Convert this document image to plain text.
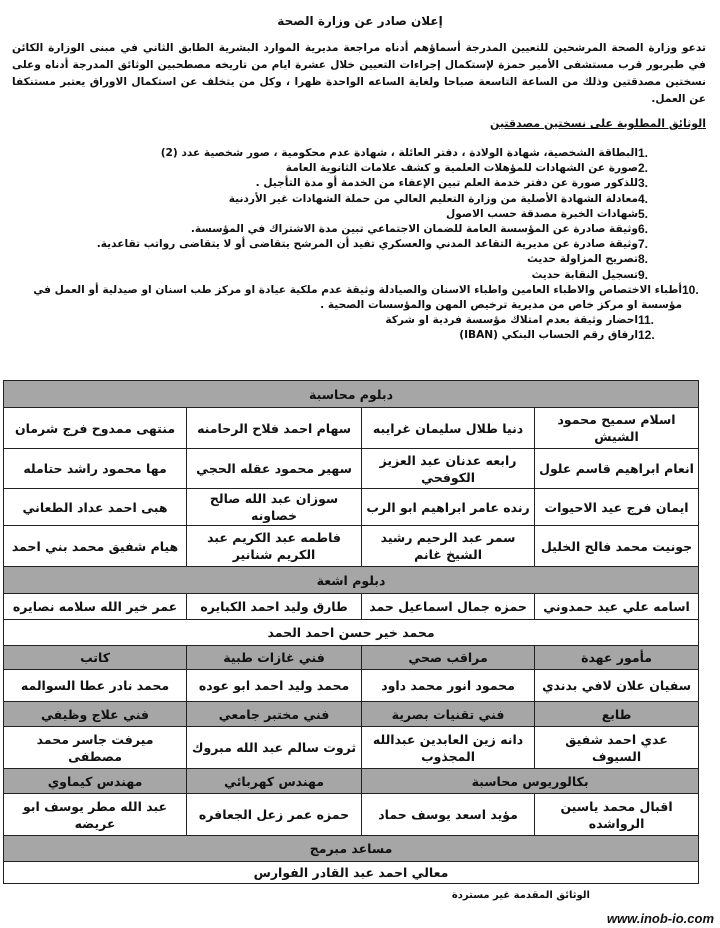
إعلان صادر عن وزارة الصحة
تدعو وزارة الصحة المرشحين للتعيين المدرجة أسماؤهم أدناه مراجعة مديرية الموارد البشرية الطابق الثاني في مبنى الوزارة الكائن في طبربور قرب مستشفى الأمير حمزة لإستكمال إجراءات التعيين خلال عشرة ايام من تاريخه مصطحبين الوثائق المدرجة أدناه وعلى نسختين مصدقتين وذلك من الساعة التاسعة صباحا ولغاية الساعه الواحدة ظهرا ، وكل من يتخلف عن استكمال الاوراق يعتبر مستنكفا عن العمل.
الوثائق المطلوبة على نسختين مصدقتين
1.
البطاقة الشخصية، شهادة الولادة ، دفتر العائلة ، شهادة عدم محكومية ، صور شخصية عدد (2)
2.
صورة عن الشهادات للمؤهلات العلمية و كشف علامات الثانوية العامة
3.
للذكور صورة عن دفتر خدمة العلم تبين الإعفاء من الخدمة أو مدة التأجيل .
4.
معادلة الشهادة الأصلية من وزارة التعليم العالي من حملة الشهادات غير الأردنية
5.
شهادات الخبرة مصدقة حسب الاصول
6.
وثيقة صادرة عن المؤسسة العامة للضمان الاجتماعي تبين مدة الاشتراك في المؤسسة.
7.
وثيقة صادرة عن مديرية التقاعد المدني والعسكري تفيد أن المرشح يتقاضى أو لا يتقاضى رواتب تقاعدية.
8.
تصريح المزاولة حديث
9.
تسجيل النقابة حديث
10.
أطباء الاختصاص والاطباء العامين واطباء الاسنان والصيادلة وثيقة عدم ملكية عيادة او مركز طب اسنان او صيدلية أو العمل في مؤسسة او مركز خاص من مديرية ترخيص المهن والمؤسسات الصحية .
11.
احضار وثيقة بعدم امتلاك مؤسسة فردية او شركة
12.
ارفاق رقم الحساب البنكي (IBAN)
دبلوم محاسبة			
اسلام سميح محمود الشيش	دنيا طلال سليمان غرايبه	سهام احمد فلاح الرحامنه	منتهى ممدوح فرج شرمان
انعام ابراهيم قاسم علول	رابعه عدنان عبد العزيز الكوفحي	سهير محمود عقله الحجي	مها محمود راشد حتامله
ايمان فرج عيد الاحيوات	رنده عامر ابراهيم ابو الرب	سوزان عبد الله صالح خصاونه	هبى احمد عداد الطعاني
جونيت محمد فالح الخليل	سمر عبد الرحيم رشيد الشيخ غانم	فاطمه عبد الكريم عبد الكريم شنانير	هيام شفيق محمد بني احمد
دبلوم اشعة			
اسامه علي عيد حمدوني	حمزه جمال اسماعيل حمد	طارق وليد احمد الكبايره	عمر خير الله سلامه نصايره
محمد خير حسن احمد الحمد			
مأمور عهدة	مراقب صحي	فني غازات طبية	كاتب
سفيان علان لافي بدندي	محمود انور محمد داود	محمد وليد احمد ابو عوده	محمد نادر عطا السوالمه
طابع	فني تقنيات بصرية	فني مختبر جامعي	فني علاج وظيفي
عدي احمد شفيق السيوف	دانه زين العابدين عبدالله المجذوب	ثروت سالم عبد الله مبروك	ميرفت جاسر محمد مصطفى
بكالوريوس محاسبة		مهندس كهربائي	مهندس كيماوي
اقبال محمد ياسين الرواشده	مؤيد اسعد يوسف حماد	حمزه عمر زعل الجعافره	عبد الله مطر يوسف ابو عريضه
مساعد مبرمج			
معالي احمد عبد القادر الفوارس			
الوثائق المقدمة غير مستردة
www.inob-io.com
